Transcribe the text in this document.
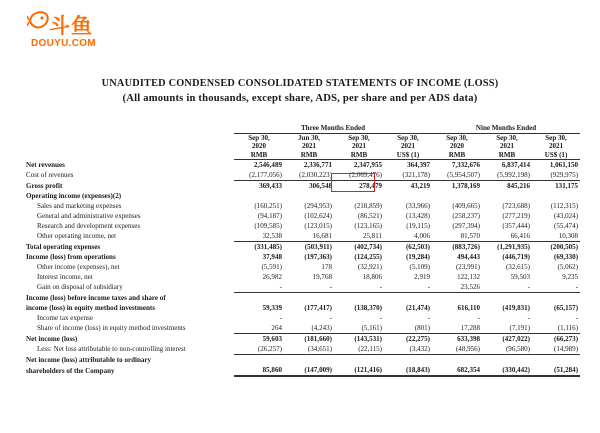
斗鱼
DOUYU.COM
UNAUDITED CONDENSED CONSOLIDATED STATEMENTS OF INCOME (LOSS)
(All amounts in thousands, except share, ADS, per share and per ADS data)
	Three Months Ended				Nine Months Ended		
	Sep 30,	Jun 30,	Sep 30,	Sep 30,	Sep 30,	Sep 30,	Sep 30,
	2020	2021	2021	2021	2020	2021	2021
	RMB	RMB	RMB	US$ (1)	RMB	RMB	US$ (1)
Net revenues	2,546,489	2,336,771	2,347,955	364,397	7,332,676	6,837,414	1,061,150
Cost of revenues	(2,177,056)	(2,030,223)	(2,069,476)	(321,178)	(5,954,507)	(5,992,198)	(929,975)
Gross profit	369,433	306,548	278,479	43,219	1,378,169	845,216	131,175
Operating income (expenses)(2)							
Sales and marketing expenses	(160,251)	(294,953)	(218,859)	(33,966)	(409,665)	(723,688)	(112,315)
General and administrative expenses	(94,187)	(102,624)	(86,521)	(13,428)	(258,237)	(277,219)	(43,024)
Research and development expenses	(109,585)	(123,015)	(123,165)	(19,115)	(297,394)	(357,444)	(55,474)
Other operating income, net	32,538	16,681	25,811	4,006	81,570	66,416	10,308
Total operating expenses	(331,485)	(503,911)	(402,734)	(62,503)	(883,726)	(1,291,935)	(200,505)
Income (loss) from operations	37,948	(197,363)	(124,255)	(19,284)	494,443	(446,719)	(69,330)
Other income (expenses), net	(5,591)	178	(32,921)	(5,109)	(23,991)	(32,615)	(5,062)
Interest income, net	26,982	19,768	18,806	2,919	122,132	59,503	9,235
Gain on disposal of subsidiary	-	-	-	-	23,526	-	-
Income (loss) before income taxes and share of							
income (loss) in equity method investments	59,339	(177,417)	(138,370)	(21,474)	616,110	(419,831)	(65,157)
Income tax expense	-	-	-	-	-	-	-
Share of income (loss) in equity method investments	264	(4,243)	(5,161)	(801)	17,288	(7,191)	(1,116)
Net income (loss)	59,603	(181,660)	(143,531)	(22,275)	633,398	(427,022)	(66,273)
Less: Net loss attributable to non-controlling interest	(26,257)	(34,651)	(22,115)	(3,432)	(48,956)	(96,580)	(14,989)
Net income (loss) attributable to ordinary							
shareholders of the Company	85,860	(147,009)	(121,416)	(18,843)	682,354	(330,442)	(51,284)
